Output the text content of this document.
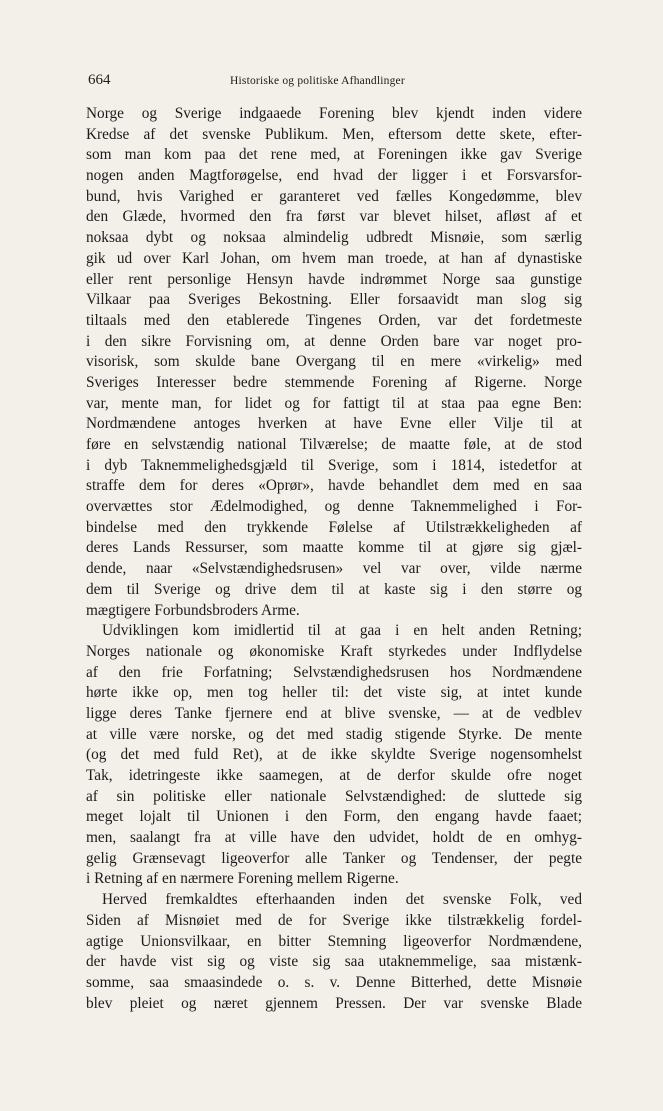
664	Historiske og politiske Afhandlinger
Norge og Sverige indgaaede Forening blev kjendt inden videre
Kredse af det svenske Publikum. Men, eftersom dette skete, efter-
som man kom paa det rene med, at Foreningen ikke gav Sverige
nogen anden Magtforøgelse, end hvad der ligger i et Forsvarsfor-
bund, hvis Varighed er garanteret ved fælles Kongedømme, blev
den Glæde, hvormed den fra først var blevet hilset, afløst af et
noksaa dybt og noksaa almindelig udbredt Misnøie, som særlig
gik ud over Karl Johan, om hvem man troede, at han af dynastiske
eller rent personlige Hensyn havde indrømmet Norge saa gunstige
Vilkaar paa Sveriges Bekostning. Eller forsaavidt man slog sig
tiltaals med den etablerede Tingenes Orden, var det fordetmeste
i den sikre Forvisning om, at denne Orden bare var noget pro-
visorisk, som skulde bane Overgang til en mere «virkelig» med
Sveriges Interesser bedre stemmende Forening af Rigerne. Norge
var, mente man, for lidet og for fattigt til at staa paa egne Ben:
Nordmændene antoges hverken at have Evne eller Vilje til at
føre en selvstændig national Tilværelse; de maatte føle, at de stod
i dyb Taknemmelighedsgjæld til Sverige, som i 1814, istedetfor at
straffe dem for deres «Oprør», havde behandlet dem med en saa
overvættes stor Ædelmodighed, og denne Taknemmelighed i For-
bindelse med den trykkende Følelse af Utilstrækkeligheden af
deres Lands Ressurser, som maatte komme til at gjøre sig gjæl-
dende, naar «Selvstændighedsrusen» vel var over, vilde nærme
dem til Sverige og drive dem til at kaste sig i den større og
mægtigere Forbundsbroders Arme.
Udviklingen kom imidlertid til at gaa i en helt anden Retning;
Norges nationale og økonomiske Kraft styrkedes under Indflydelse
af den frie Forfatning; Selvstændighedsrusen hos Nordmændene
hørte ikke op, men tog heller til: det viste sig, at intet kunde
ligge deres Tanke fjernere end at blive svenske, — at de vedblev
at ville være norske, og det med stadig stigende Styrke. De mente
(og det med fuld Ret), at de ikke skyldte Sverige nogensomhelst
Tak, idetringeste ikke saamegen, at de derfor skulde ofre noget
af sin politiske eller nationale Selvstændighed: de sluttede sig
meget lojalt til Unionen i den Form, den engang havde faaet;
men, saalangt fra at ville have den udvidet, holdt de en omhyg-
gelig Grænsevagt ligeoverfor alle Tanker og Tendenser, der pegte
i Retning af en nærmere Forening mellem Rigerne.
Herved fremkaldtes efterhaanden inden det svenske Folk, ved
Siden af Misnøiet med de for Sverige ikke tilstrækkelig fordel-
agtige Unionsvilkaar, en bitter Stemning ligeoverfor Nordmændene,
der havde vist sig og viste sig saa utaknemmelige, saa mistænk-
somme, saa smaasindede o. s. v. Denne Bitterhed, dette Misnøie
blev pleiet og næret gjennem Pressen. Der var svenske Blade
